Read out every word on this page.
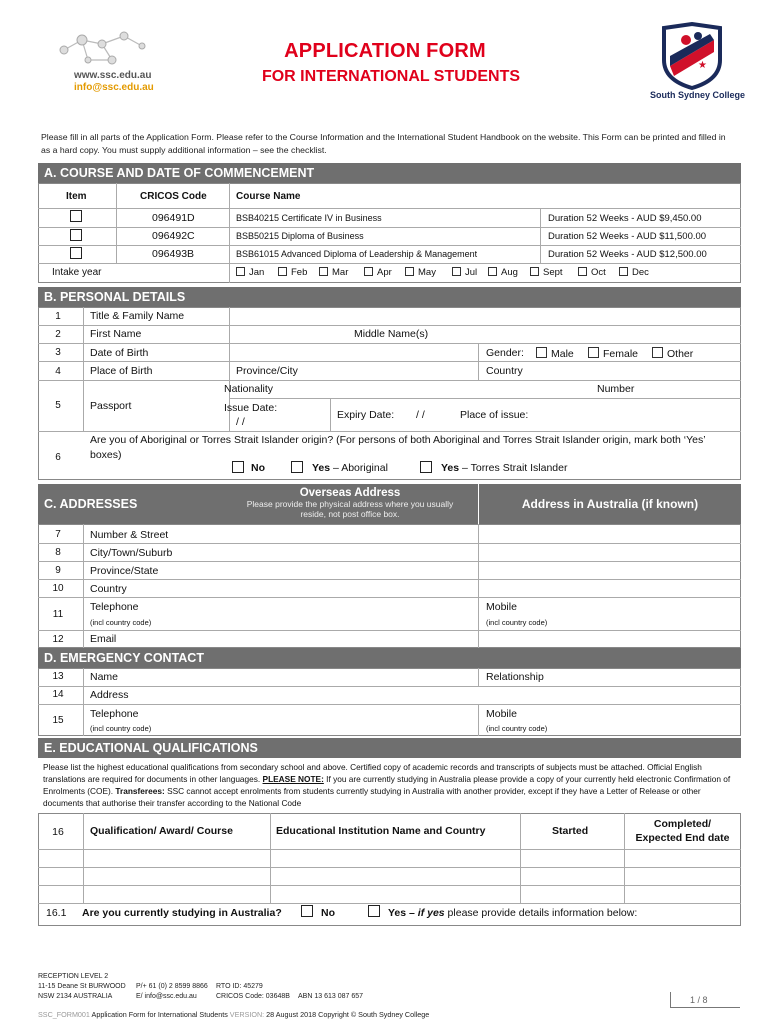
www.ssc.edu.au
info@ssc.edu.au
APPLICATION FORM
FOR INTERNATIONAL STUDENTS
★
South Sydney College
Please fill in all parts of the Application Form. Please refer to the Course Information and the International Student Handbook on the website. This Form can be printed and filled in as a hard copy. You must supply additional information – see the checklist.
A. COURSE AND DATE OF COMMENCEMENT
Item	CRICOS Code	Course Name
096491D	BSB40215 Certificate IV in Business	Duration 52 Weeks - AUD $9,450.00
096492C	BSB50215 Diploma of Business	Duration 52 Weeks - AUD $11,500.00
096493B	BSB61015 Advanced Diploma of Leadership & Management	Duration 52 Weeks - AUD $12,500.00
Intake year	Jan	Feb	Mar	Apr	May	Jul	Aug	Sept	Oct	Dec
B. PERSONAL DETAILS
1	Title & Family Name
2	First Name	Middle Name(s)
3	Date of Birth	Gender:	Male	Female	Other
4	Place of Birth	Province/City	Country
5	Passport
Nationality	Number
Issue Date:
/ /
Expiry Date: / /	Place of issue:
6
Are you of Aboriginal or Torres Strait Islander origin? (For persons of both Aboriginal and Torres Strait Islander origin, mark both ‘Yes’ boxes)
No	Yes – Aboriginal	Yes – Torres Strait Islander
C. ADDRESSES
Overseas Address
Please provide the physical address where you usually reside, not post office box.
Address in Australia (if known)
7	Number & Street
8	City/Town/Suburb
9	Province/State
10	Country
11
Telephone
(incl country code)
Mobile
(incl country code)
12	Email
D. EMERGENCY CONTACT
13	Name	Relationship
14	Address
15
Telephone
(incl country code)
Mobile
(incl country code)
E. EDUCATIONAL QUALIFICATIONS
Please list the highest educational qualifications from secondary school and above. Certified copy of academic records and transcripts of subjects must be attached. Official English translations are required for documents in other languages. PLEASE NOTE: If you are currently studying in Australia please provide a copy of your currently held electronic Confirmation of Enrolments (COE). Transferees: SSC cannot accept enrolments from students currently studying in Australia with another provider, except if they have a Letter of Release or other documents that authorise their transfer according to the National Code
16	Qualification/ Award/ Course	Educational Institution Name and Country	Started
Completed/
Expected End date
16.1 Are you currently studying in Australia?	No	Yes – if yes please provide details information below:
RECEPTION LEVEL 2
11-15 Deane St BURWOOD
NSW 2134 AUSTRALIA
P/+ 61 (0) 2 8599 8866
E/ info@ssc.edu.au
RTO ID: 45279
CRICOS Code: 03648B ABN 13 613 087 657	1 / 8
SSC_FORM001 Application Form for International Students VERSION: 28 August 2018 Copyright © South Sydney College
